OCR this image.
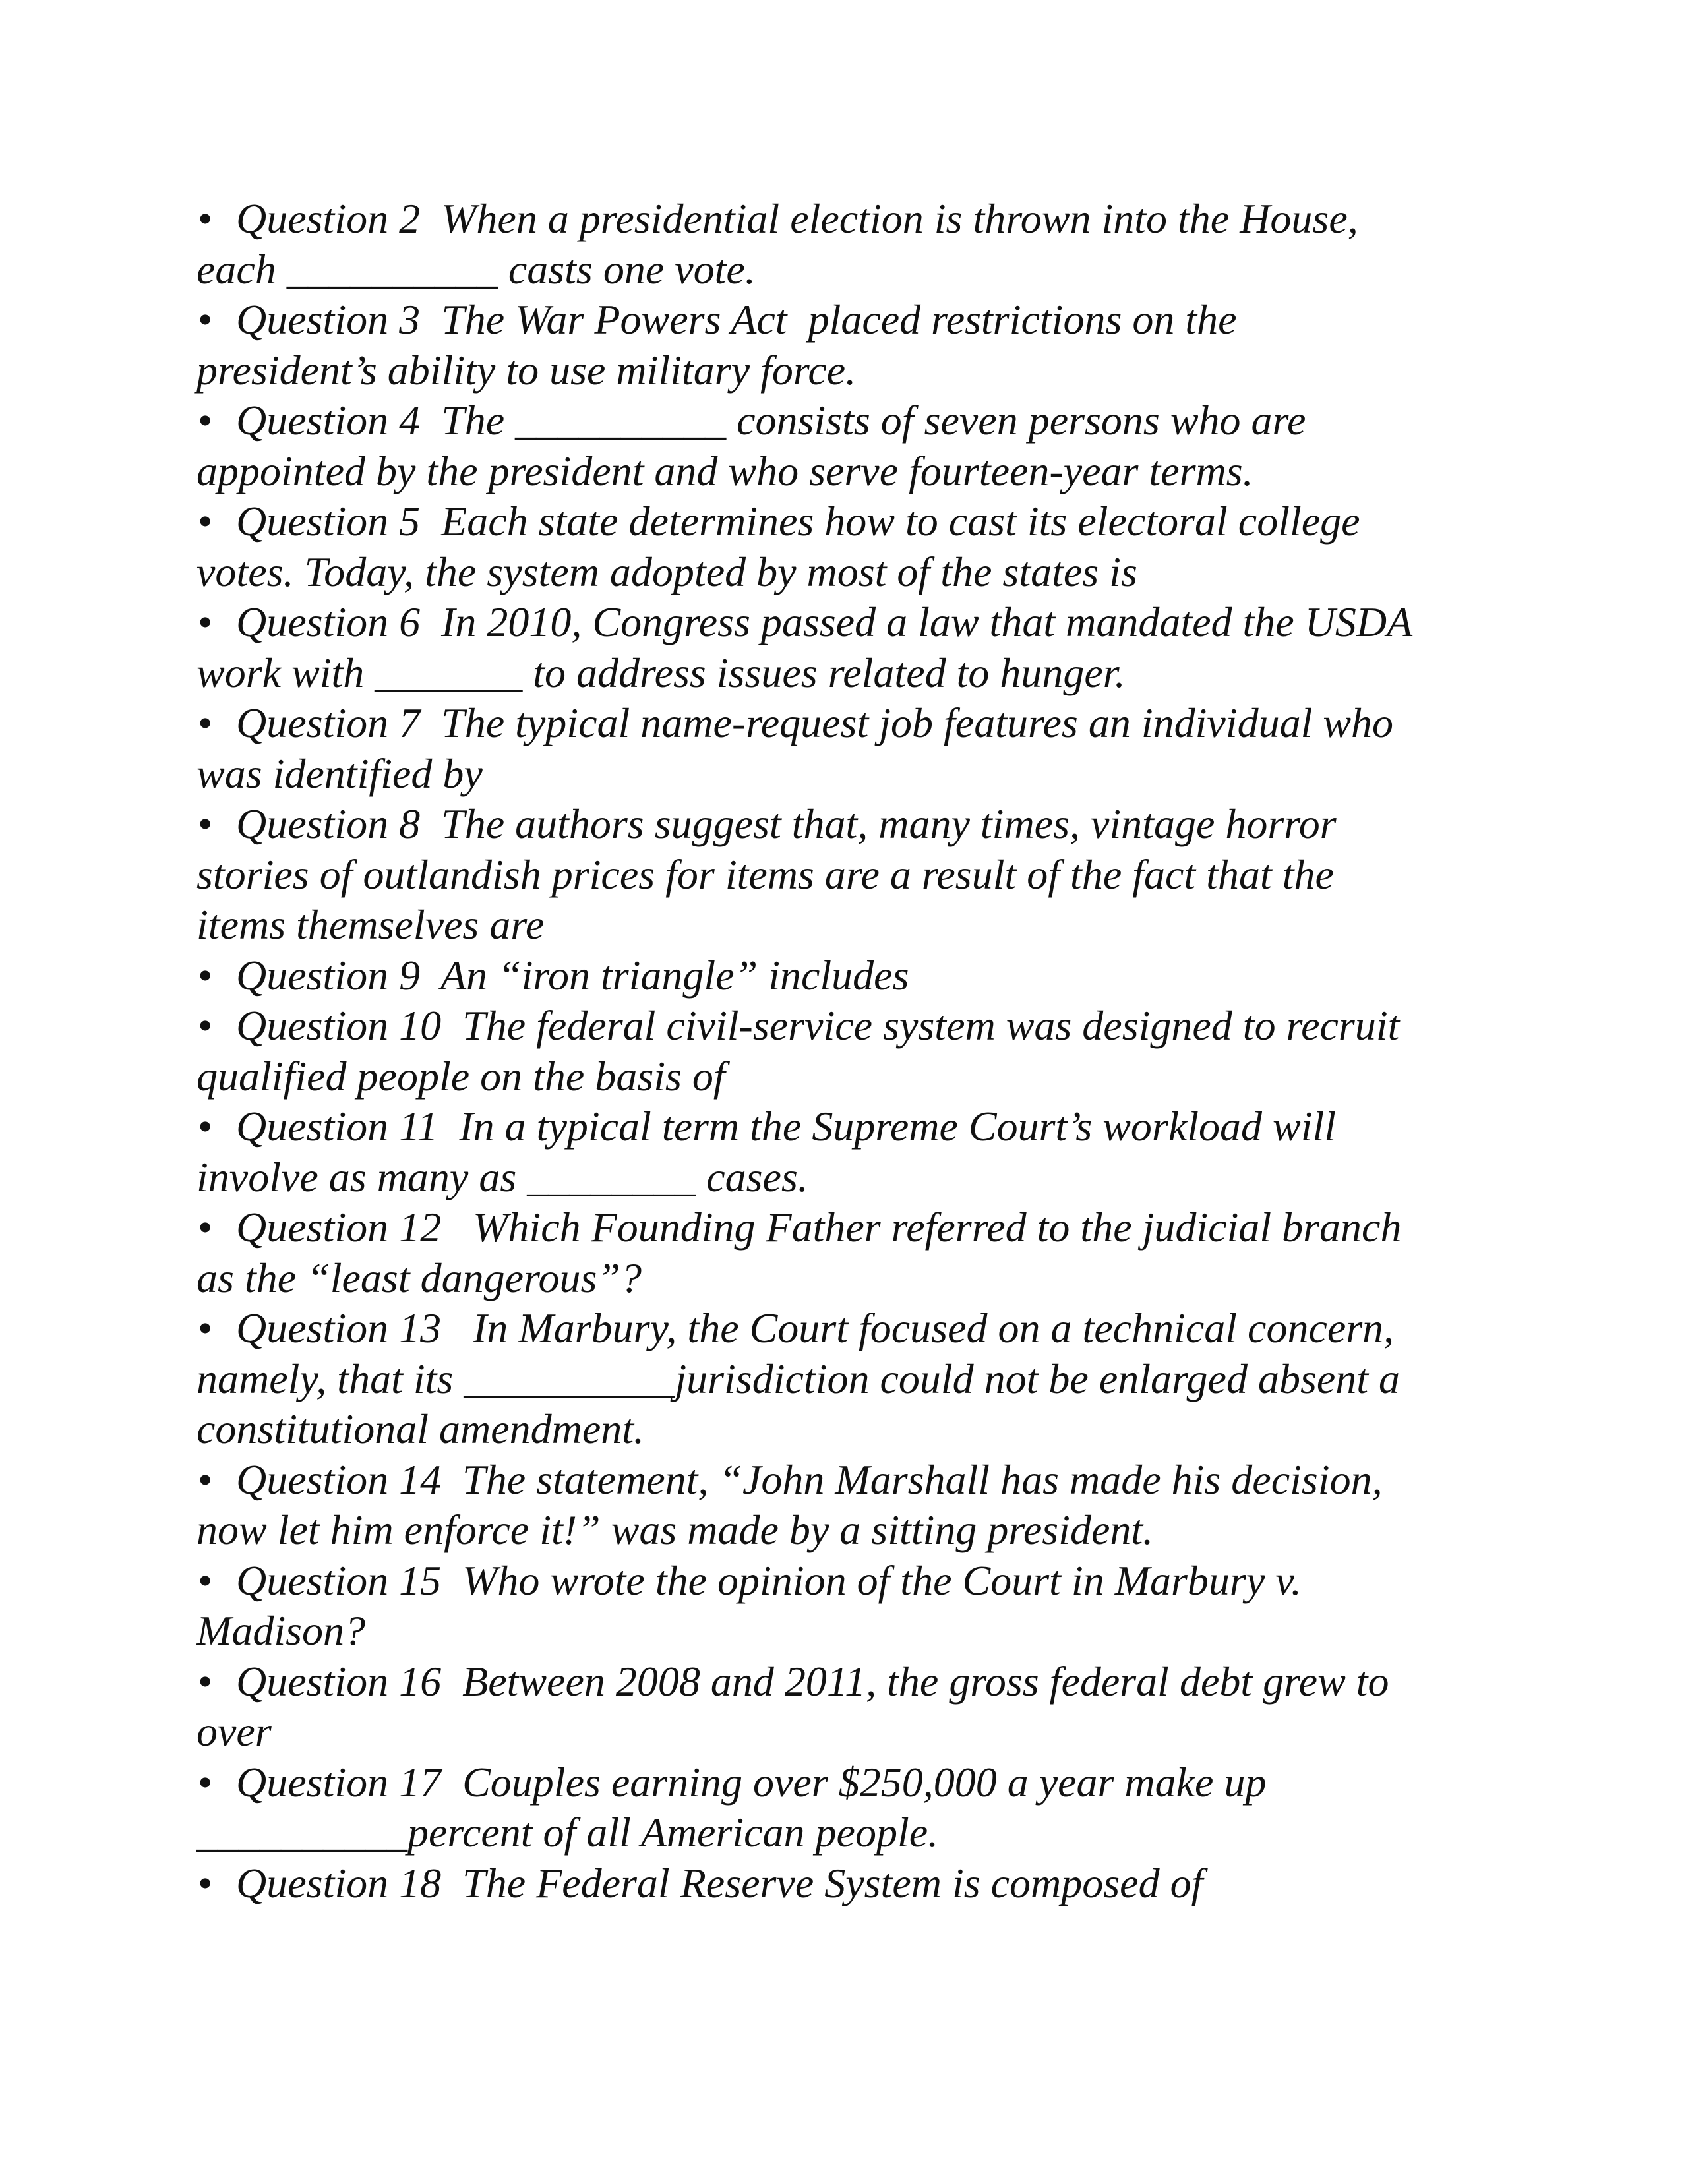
• Question 2  When a presidential election is thrown into the House,
each __________ casts one vote.
• Question 3  The War Powers Act  placed restrictions on the
president’s ability to use military force.
• Question 4  The __________ consists of seven persons who are
appointed by the president and who serve fourteen-year terms.
• Question 5  Each state determines how to cast its electoral college
votes. Today, the system adopted by most of the states is
• Question 6  In 2010, Congress passed a law that mandated the USDA
work with _______ to address issues related to hunger.
• Question 7  The typical name-request job features an individual who
was identified by
• Question 8  The authors suggest that, many times, vintage horror
stories of outlandish prices for items are a result of the fact that the
items themselves are
• Question 9  An “iron triangle” includes
• Question 10  The federal civil-service system was designed to recruit
qualified people on the basis of
• Question 11  In a typical term the Supreme Court’s workload will
involve as many as ________ cases.
• Question 12   Which Founding Father referred to the judicial branch
as the “least dangerous”?
• Question 13   In Marbury, the Court focused on a technical concern,
namely, that its __________jurisdiction could not be enlarged absent a
constitutional amendment.
• Question 14  The statement, “John Marshall has made his decision,
now let him enforce it!” was made by a sitting president.
• Question 15  Who wrote the opinion of the Court in Marbury v.
Madison?
• Question 16  Between 2008 and 2011, the gross federal debt grew to
over
• Question 17  Couples earning over $250,000 a year make up
__________percent of all American people.
• Question 18  The Federal Reserve System is composed of
